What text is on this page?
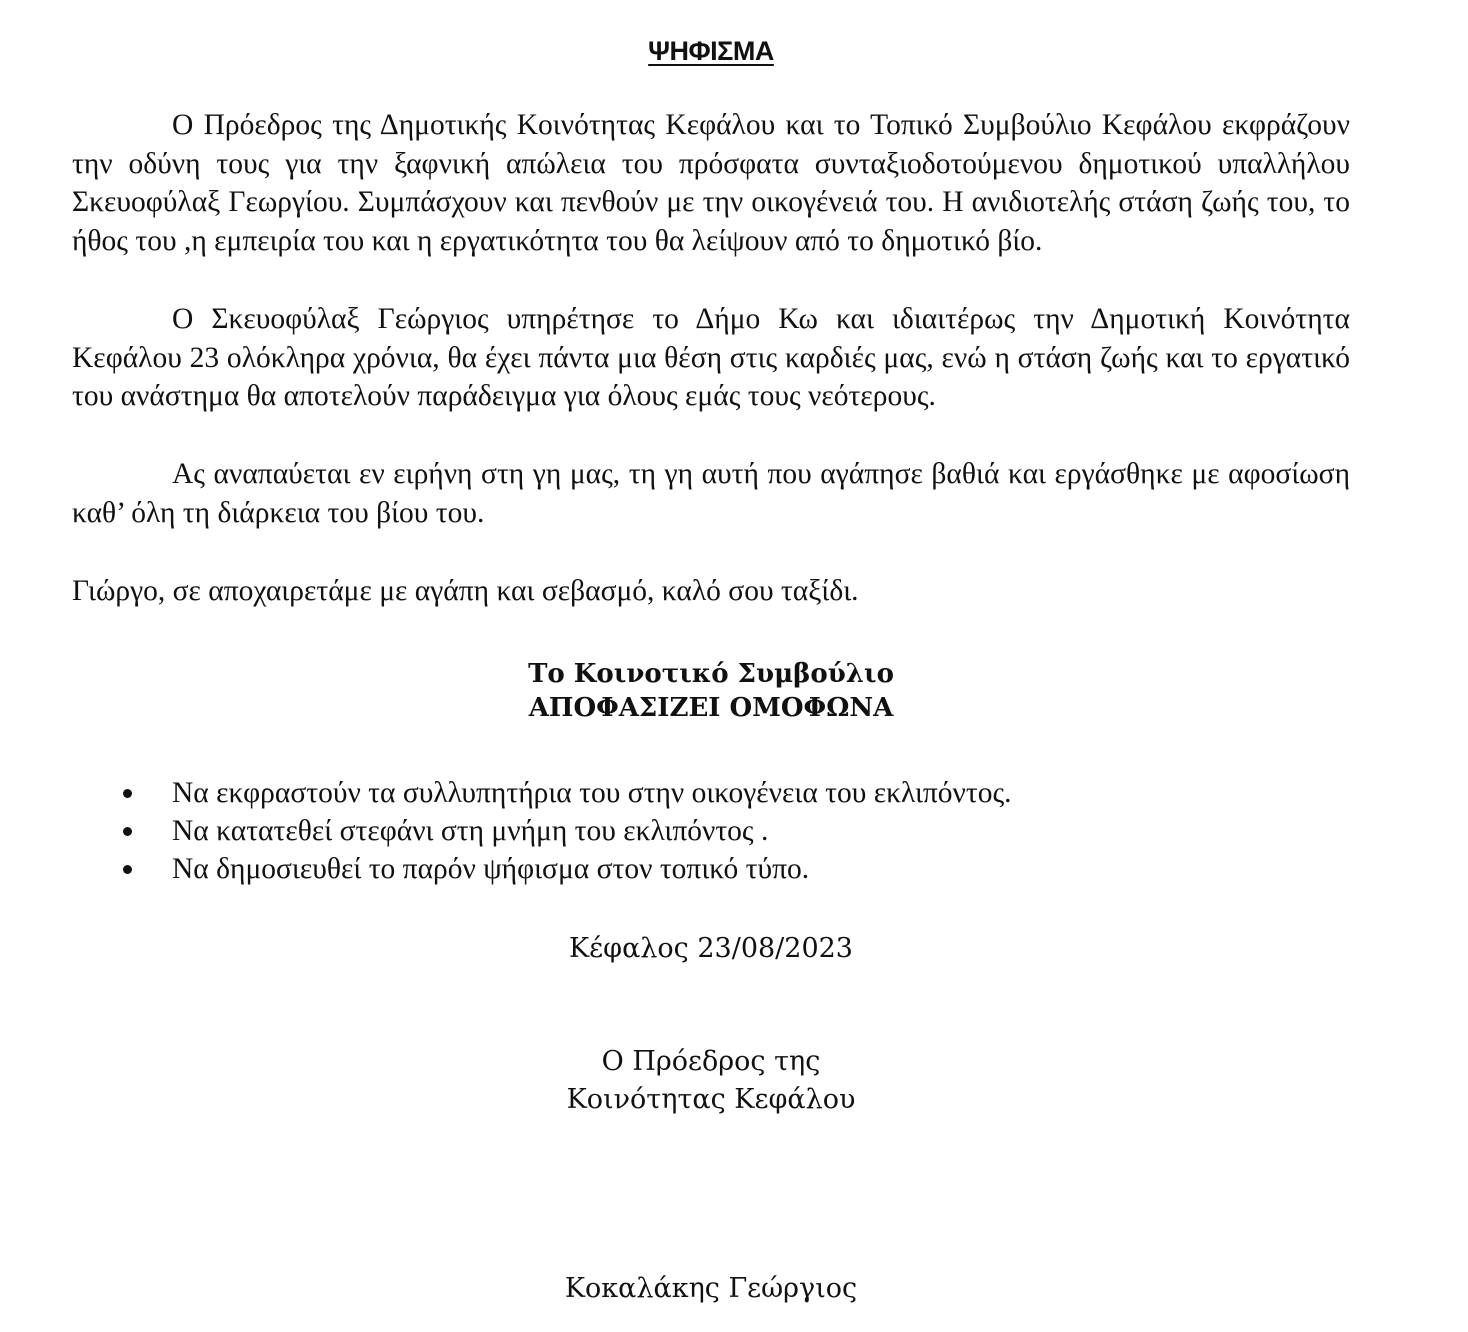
ΨΗΦΙΣΜΑ

Ο Πρόεδρος της Δημοτικής Κοινότητας Κεφάλου και το Τοπικό Συμβούλιο Κεφάλου εκφράζουν την οδύνη τους για την ξαφνική απώλεια του πρόσφατα συνταξιοδοτούμενου δημοτικού υπαλλήλου Σκευοφύλαξ Γεωργίου. Συμπάσχουν και πενθούν με την οικογένειά του. Η ανιδιοτελής στάση ζωής του, το ήθος του ,η εμπειρία του και η εργατικότητα του θα λείψουν από το δημοτικό βίο.

Ο Σκευοφύλαξ Γεώργιος υπηρέτησε το Δήμο Κω και ιδιαιτέρως την Δημοτική Κοινότητα Κεφάλου 23 ολόκληρα χρόνια, θα έχει πάντα μια θέση στις καρδιές μας, ενώ η στάση ζωής και το εργατικό του ανάστημα θα αποτελούν παράδειγμα για όλους εμάς τους νεότερους.

Ας αναπαύεται εν ειρήνη στη γη μας, τη γη αυτή που αγάπησε βαθιά και εργάσθηκε με αφοσίωση καθ’ όλη τη διάρκεια του βίου του.

Γιώργο, σε αποχαιρετάμε με αγάπη και σεβασμό, καλό σου ταξίδι.

Το Κοινοτικό Συμβούλιο
ΑΠΟΦΑΣΙΖΕΙ ΟΜΟΦΩΝΑ
Να εκφραστούν τα συλλυπητήρια του στην οικογένεια του εκλιπόντος.
Να κατατεθεί στεφάνι στη μνήμη του εκλιπόντος .
Να δημοσιευθεί το παρόν ψήφισμα στον τοπικό τύπο.
Κέφαλος 23/08/2023
Ο Πρόεδρος της
Κοινότητας Κεφάλου
Κοκαλάκης Γεώργιος
